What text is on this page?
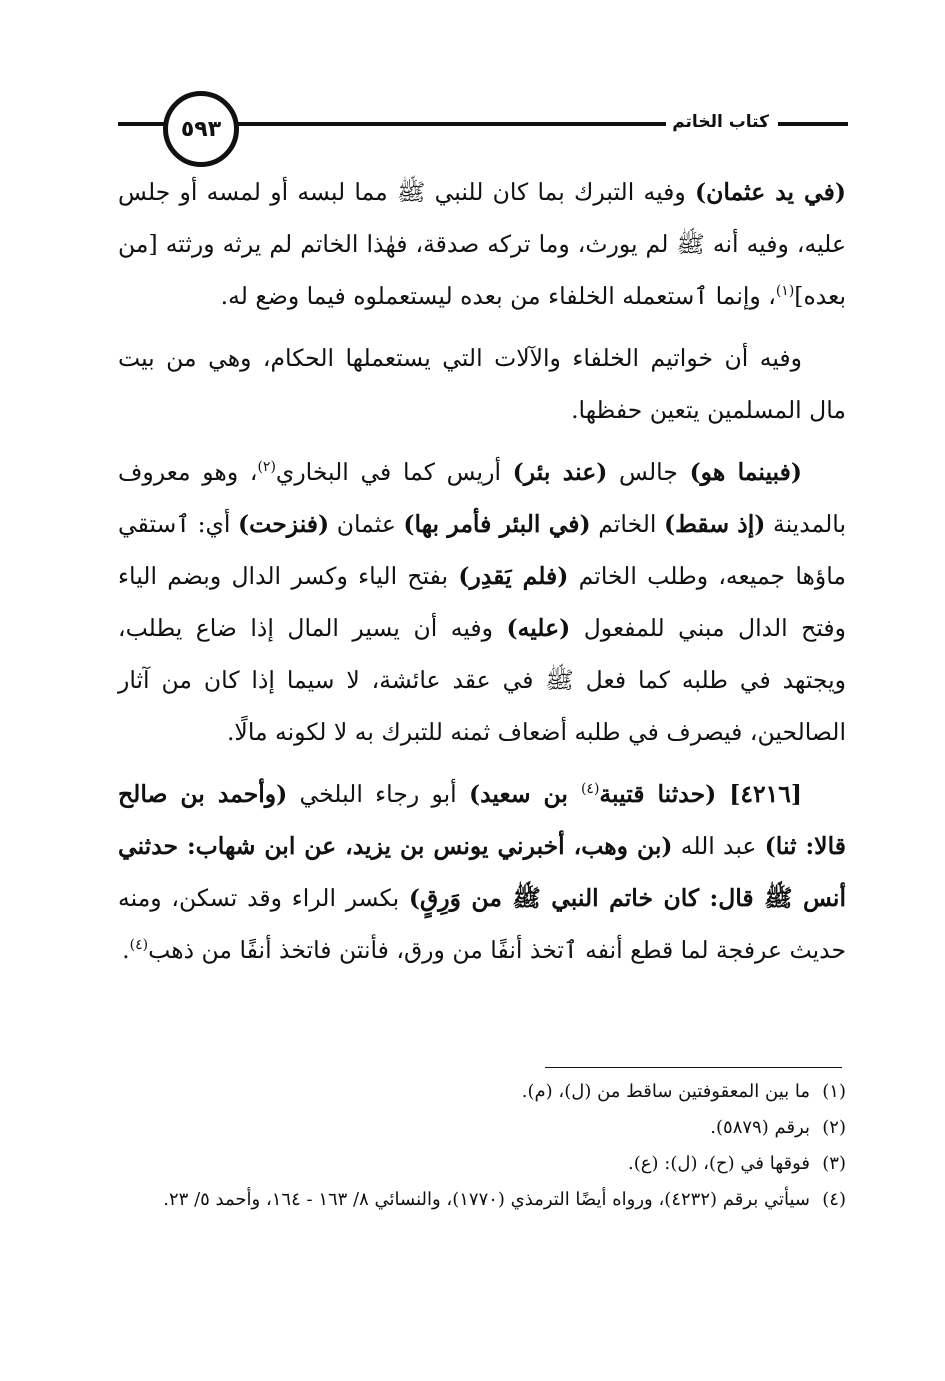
٥٩٣	كتاب الخاتم

(في يد عثمان) وفيه التبرك بما كان للنبي ﷺ مما لبسه أو لمسه أو جلس عليه، وفيه أنه ﷺ لم يورث، وما تركه صدقة، فهٰذا الخاتم لم يرثه ورثته [من بعده]$^{(١)}$، وإنما ٱستعمله الخلفاء من بعده ليستعملوه فيما وضع له.

وفيه أن خواتيم الخلفاء والآلات التي يستعملها الحكام، وهي من بيت مال المسلمين يتعين حفظها.

(فبينما هو) جالس (عند بئر) أريس كما في البخاري$^{(٢)}$، وهو معروف بالمدينة (إذ سقط) الخاتم (في البئر فأمر بها) عثمان (فنزحت) أي: ٱستقي ماؤها جميعه، وطلب الخاتم (فلم يَقدِر) بفتح الياء وكسر الدال وبضم الياء وفتح الدال مبني للمفعول (عليه) وفيه أن يسير المال إذا ضاع يطلب، ويجتهد في طلبه كما فعل ﷺ في عقد عائشة، لا سيما إذا كان من آثار الصالحين، فيصرف في طلبه أضعاف ثمنه للتبرك به لا لكونه مالًا.

[٤٢١٦] (حدثنا قتيبة$^{(٤)}$ بن سعيد) أبو رجاء البلخي (وأحمد بن صالح قالا: ثنا) عبد الله (بن وهب، أخبرني يونس بن يزيد، عن ابن شهاب: حدثني أنس ﷺ قال: كان خاتم النبي ﷺ من وَرِقٍ) بكسر الراء وقد تسكن، ومنه حديث عرفجة لما قطع أنفه ٱتخذ أنفًا من ورق، فأنتن فاتخذ أنفًا من ذهب$^{(٤)}$.

(١)
ما بين المعقوفتين ساقط من (ل)، (م).
(٢)
برقم (٥٨٧٩).
(٣)
فوقها في (ح)، (ل): (ع).
(٤)
سيأتي برقم (٤٢٣٢)، ورواه أيضًا الترمذي (١٧٧٠)، والنسائي ٨/ ١٦٣ - ١٦٤، وأحمد ٥/ ٢٣.
